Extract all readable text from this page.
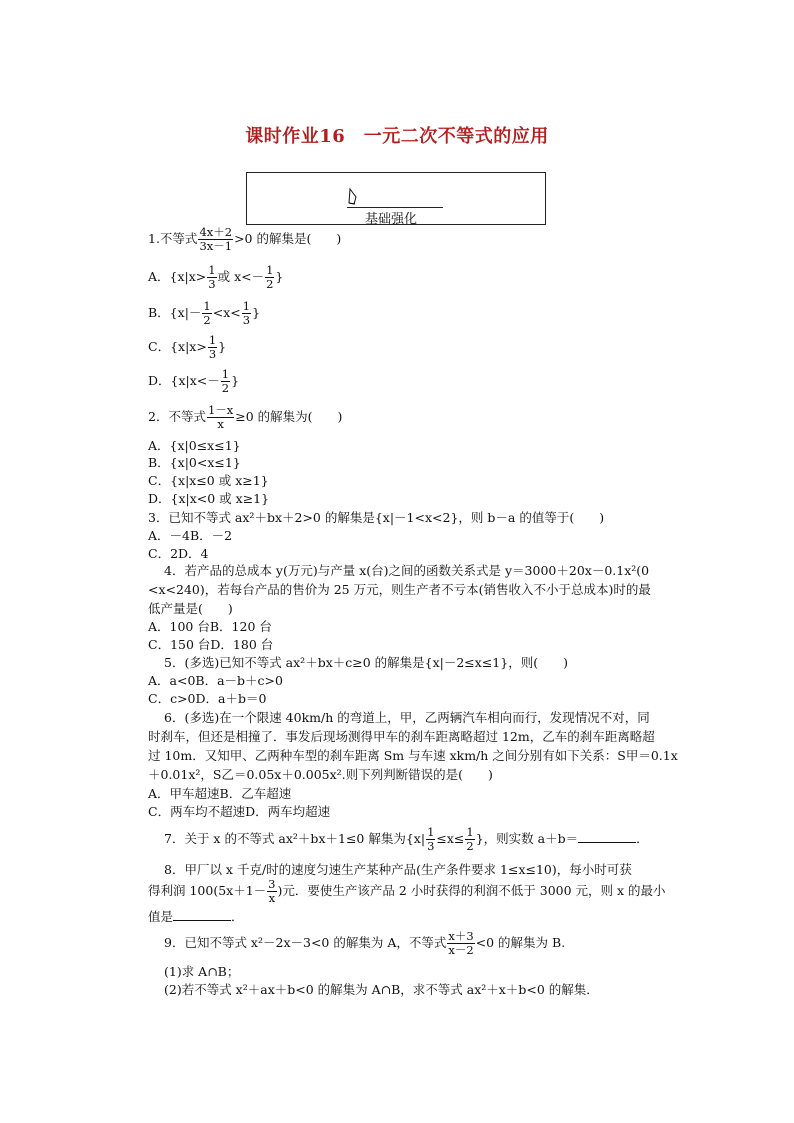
课时作业16　一元二次不等式的应用
基础强化
1.不等式 $\frac{4x+2}{3x-1} >0$ 的解集是(　　)
A．{$x|x> \frac{1}{3}$ 或 $x<- \frac{1}{2}$ }
B．{$x|- \frac{1}{2} <x< \frac{1}{3}$ }
C．{$x|x> \frac{1}{3}$ }
D．{$x|x<- \frac{1}{2}$ }
2．不等式 $\frac{1-x}{x} \ge 0$ 的解集为(　　)
A．{x|0≤x≤1}
B．{x|0<x≤1}
C．{x|x≤0 或 x≥1}
D．{x|x<0 或 x≥1}
3．已知不等式 ax²＋bx＋2>0 的解集是{x|－1<x<2}，则 b－a 的值等于(　　)
A．－4B．－2
C．2D．4
4．若产品的总成本 y(万元)与产量 x(台)之间的函数关系式是 y＝3000＋20x－0.1x²(0
<x<240)，若每台产品的售价为 25 万元，则生产者不亏本(销售收入不小于总成本)时的最
低产量是(　　)
A．100 台B．120 台
C．150 台D．180 台
5．(多选)已知不等式 ax²＋bx＋c≥0 的解集是{x|－2≤x≤1}，则(　　)
A．a<0B．a－b＋c>0
C．c>0D．a＋b＝0
6．(多选)在一个限速 40km/h 的弯道上，甲，乙两辆汽车相向而行，发现情况不对，同
时刹车，但还是相撞了．事发后现场测得甲车的刹车距离略超过 12m，乙车的刹车距离略超
过 10m．又知甲、乙两种车型的刹车距离 Sm 与车速 xkm/h 之间分别有如下关系：S甲＝0.1x
＋0.01x²，S乙＝0.05x＋0.005x².则下列判断错误的是(　　)
A．甲车超速B．乙车超速
C．两车均不超速D．两车均超速
7．关于 x 的不等式 ax²＋bx＋1≤0 解集为{$x| \frac{1}{3} \le x\le \frac{1}{2}$ }，则实数 a＋b＝	．
8．甲厂以 x 千克/时的速度匀速生产某种产品(生产条件要求 1≤x≤10)，每小时可获
得利润 $100(5x+1- \frac{3}{x}$ )元．要使生产该产品 2 小时获得的利润不低于 3000 元，则 x 的最小
值是	．
9．已知不等式 x²－2x－3<0 的解集为 A，不等式 $\frac{x+3}{x-2} <0$ 的解集为 B.
(1)求 A∩B；
(2)若不等式 x²＋ax＋b<0 的解集为 A∩B，求不等式 ax²＋x＋b<0 的解集．
